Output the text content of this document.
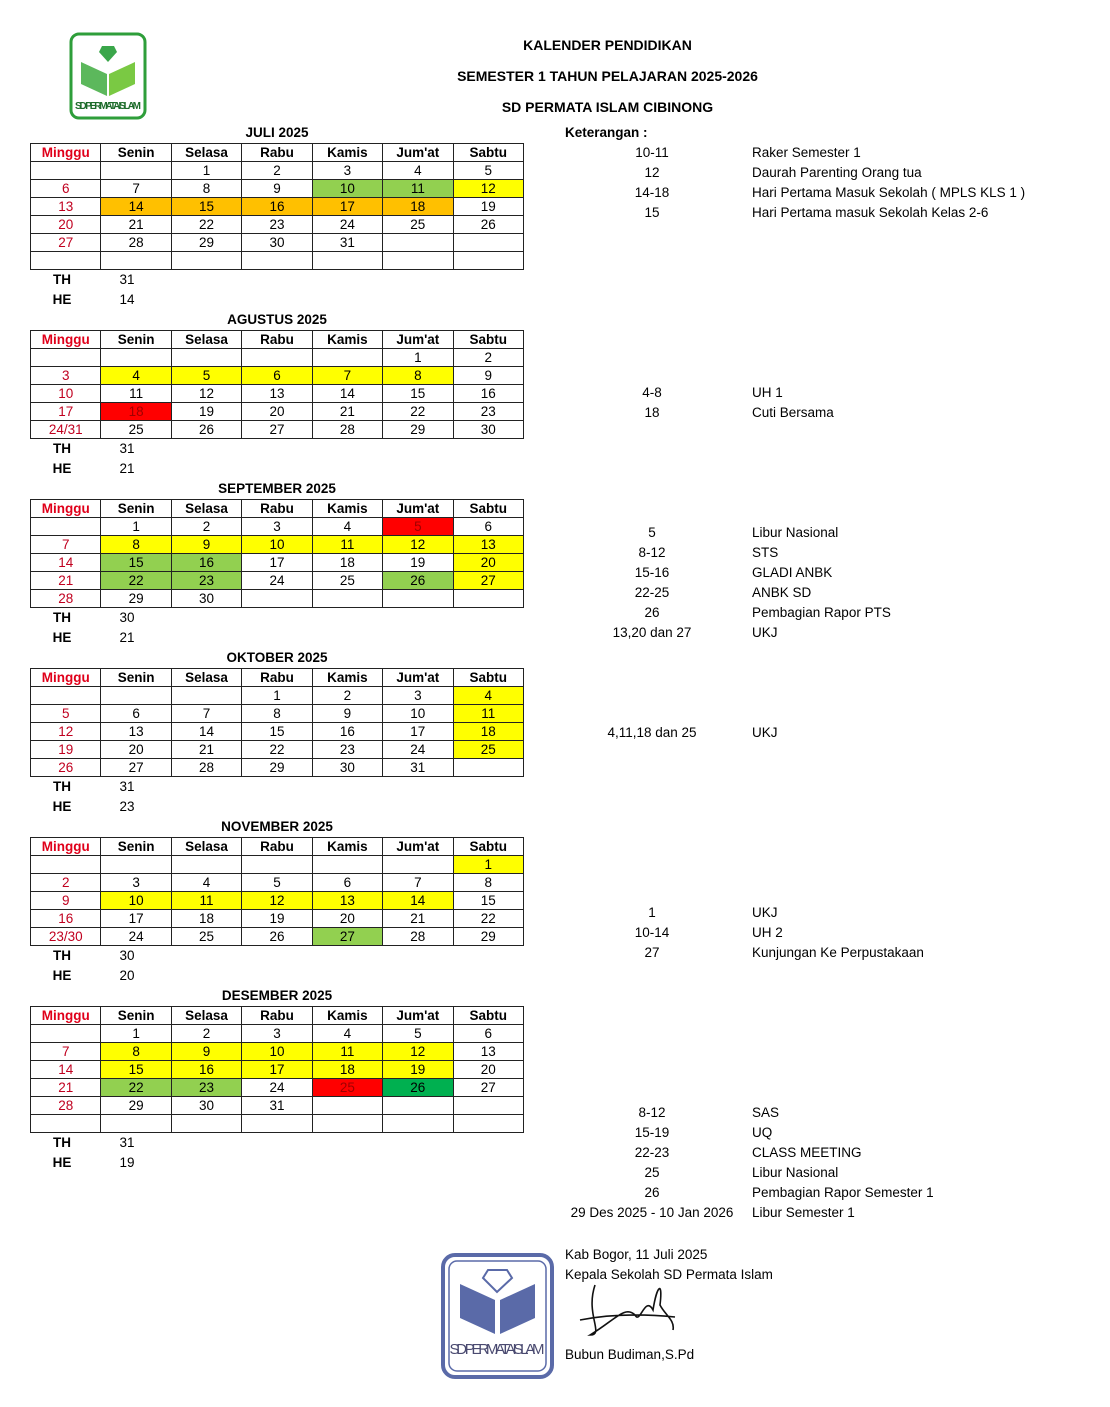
SD PERMATA ISLAM
KALENDER PENDIDIKAN
SEMESTER 1 TAHUN PELAJARAN 2025-2026
SD PERMATA ISLAM CIBINONG
JULI 2025
Minggu	Senin	Selasa	Rabu	Kamis	Jum'at	Sabtu
		1	2	3	4	5
6	7	8	9	10	11	12
13	14	15	16	17	18	19
20	21	22	23	24	25	26
27	28	29	30	31		

TH	31
HE	14
AGUSTUS 2025
Minggu	Senin	Selasa	Rabu	Kamis	Jum'at	Sabtu
					1	2
3	4	5	6	7	8	9
10	11	12	13	14	15	16
17	18	19	20	21	22	23
24/31	25	26	27	28	29	30
TH	31
HE	21
SEPTEMBER 2025
Minggu	Senin	Selasa	Rabu	Kamis	Jum'at	Sabtu
	1	2	3	4	5	6
7	8	9	10	11	12	13
14	15	16	17	18	19	20
21	22	23	24	25	26	27
28	29	30				
TH	30
HE	21
OKTOBER 2025
Minggu	Senin	Selasa	Rabu	Kamis	Jum'at	Sabtu
			1	2	3	4
5	6	7	8	9	10	11
12	13	14	15	16	17	18
19	20	21	22	23	24	25
26	27	28	29	30	31	
TH	31
HE	23
NOVEMBER 2025
Minggu	Senin	Selasa	Rabu	Kamis	Jum'at	Sabtu
						1
2	3	4	5	6	7	8
9	10	11	12	13	14	15
16	17	18	19	20	21	22
23/30	24	25	26	27	28	29
TH	30
HE	20
DESEMBER 2025
Minggu	Senin	Selasa	Rabu	Kamis	Jum'at	Sabtu
	1	2	3	4	5	6
7	8	9	10	11	12	13
14	15	16	17	18	19	20
21	22	23	24	25	26	27
28	29	30	31			

TH	31
HE	19
Keterangan :
10-11	Raker Semester 1
12	Daurah Parenting Orang tua
14-18	Hari Pertama Masuk Sekolah ( MPLS KLS 1 )
15	Hari Pertama masuk Sekolah Kelas 2-6
4-8	UH 1
18	Cuti Bersama
5	Libur Nasional
8-12	STS
15-16	GLADI ANBK
22-25	ANBK SD
26	Pembagian Rapor PTS
13,20 dan 27	UKJ
4,11,18 dan 25	UKJ
1	UKJ
10-14	UH 2
27	Kunjungan Ke Perpustakaan
8-12	SAS
15-19	UQ
22-23	CLASS MEETING
25	Libur Nasional
26	Pembagian Rapor Semester 1
29 Des 2025 - 10 Jan 2026	Libur Semester 1
SD PERMATA ISLAM
Kab Bogor, 11 Juli 2025
Kepala Sekolah SD Permata Islam
Bubun Budiman,S.Pd
